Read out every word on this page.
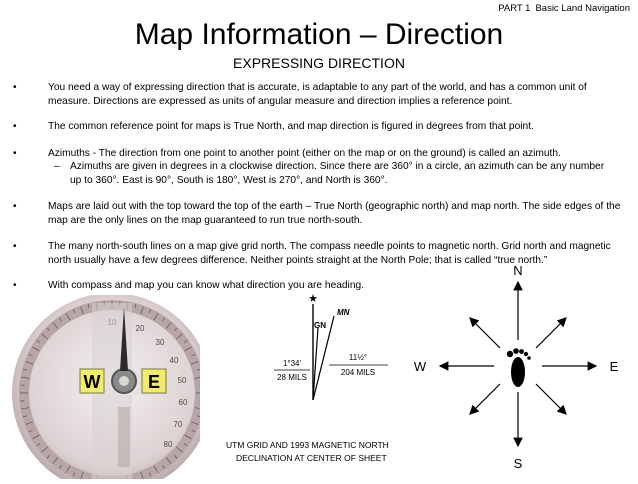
PART 1 Basic Land Navigation
Map Information – Direction
EXPRESSING DIRECTION
•	You need a way of expressing direction that is accurate, is adaptable to any part of the world, and has a common unit of measure. Directions are expressed as units of angular measure and direction implies a reference point.
•	The common reference point for maps is True North, and map direction is figured in degrees from that point.
•	Azimuths - The direction from one point to another point (either on the map or on the ground) is called an azimuth.
– Azimuths are given in degrees in a clockwise direction. Since there are 360° in a circle, an azimuth can be any number up to 360°. East is 90°, South is 180°, West is 270°, and North is 360°.
•	Maps are laid out with the top toward the top of the earth – True North (geographic north) and map north. The side edges of the map are the only lines on the map guaranteed to run true north-south.
•	The many north-south lines on a map give grid north. The compass needle points to magnetic north. Grid north and magnetic north usually have a few degrees difference. Neither points straight at the North Pole; that is called “true north.”
•	With compass and map you can know what direction you are heading.
20
30
40
50
60
70
80
W	E
★
MN
GN
1°34'
28 MILS
11½°
204 MILS
UTM GRID AND 1993 MAGNETIC NORTH
DECLINATION AT CENTER OF SHEET
N
S
E
W
